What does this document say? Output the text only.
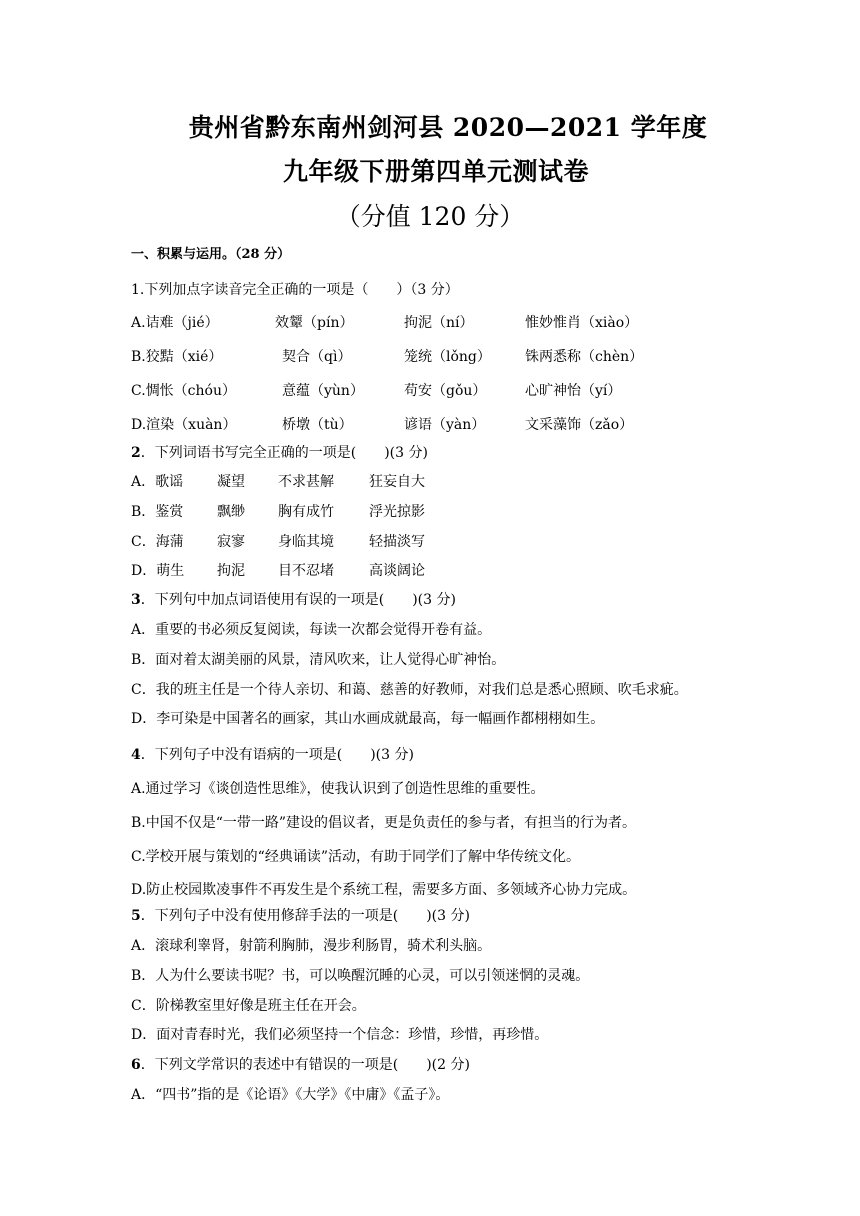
贵州省黔东南州剑河县 2020—2021 学年度
九年级下册第四单元测试卷
（分值 120 分）
一、积累与运用。（28 分）
1.下列加点字读音完全正确的一项是（　　）（3 分）
A.诘难（jié）	效颦（pín）	拘泥（ní）	惟妙惟肖（xiào）
B.狡黠（xié）	契合（qì）	笼统（lǒng） 铢两悉称（chèn）
C.惆怅（chóu）	意蕴（yùn）	苟安（gǒu）	心旷神怡（yí）
D.渲染（xuàn）	桥墩（tù）	谚语（yàn）	文采藻饰（zǎo）
2．下列词语书写完全正确的一项是(　　)(3 分)
A．歌谣 凝望 不求甚解	狂妄自大
B．鉴赏 飘缈 胸有成竹	浮光掠影
C．海蒲 寂寥 身临其境	轻描淡写
D．萌生 拘泥 目不忍堵	高谈阔论
3．下列句中加点词语使用有误的一项是(　　)(3 分)
A．重要的书必须反复阅读，每读一次都会觉得开卷有益。
B．面对着太湖美丽的风景，清风吹来，让人觉得心旷神怡。
C．我的班主任是一个待人亲切、和蔼、慈善的好教师，对我们总是悉心照顾、吹毛求疵。
D．李可染是中国著名的画家，其山水画成就最高，每一幅画作都栩栩如生。
4．下列句子中没有语病的一项是(　　)(3 分)
A.通过学习《谈创造性思维》，使我认识到了创造性思维的重要性。
B.中国不仅是“一带一路”建设的倡议者，更是负责任的参与者，有担当的行为者。
C.学校开展与策划的“经典诵读”活动，有助于同学们了解中华传统文化。
D.防止校园欺凌事件不再发生是个系统工程，需要多方面、多领域齐心协力完成。
5．下列句子中没有使用修辞手法的一项是(　　)(3 分)
A．滚球利睾肾，射箭利胸肺，漫步利肠胃，骑术利头脑。
B．人为什么要读书呢？书，可以唤醒沉睡的心灵，可以引领迷惘的灵魂。
C．阶梯教室里好像是班主任在开会。
D．面对青春时光，我们必须坚持一个信念：珍惜，珍惜，再珍惜。
6．下列文学常识的表述中有错误的一项是(　　)(2 分)
A．“四书”指的是《论语》《大学》《中庸》《孟子》。
